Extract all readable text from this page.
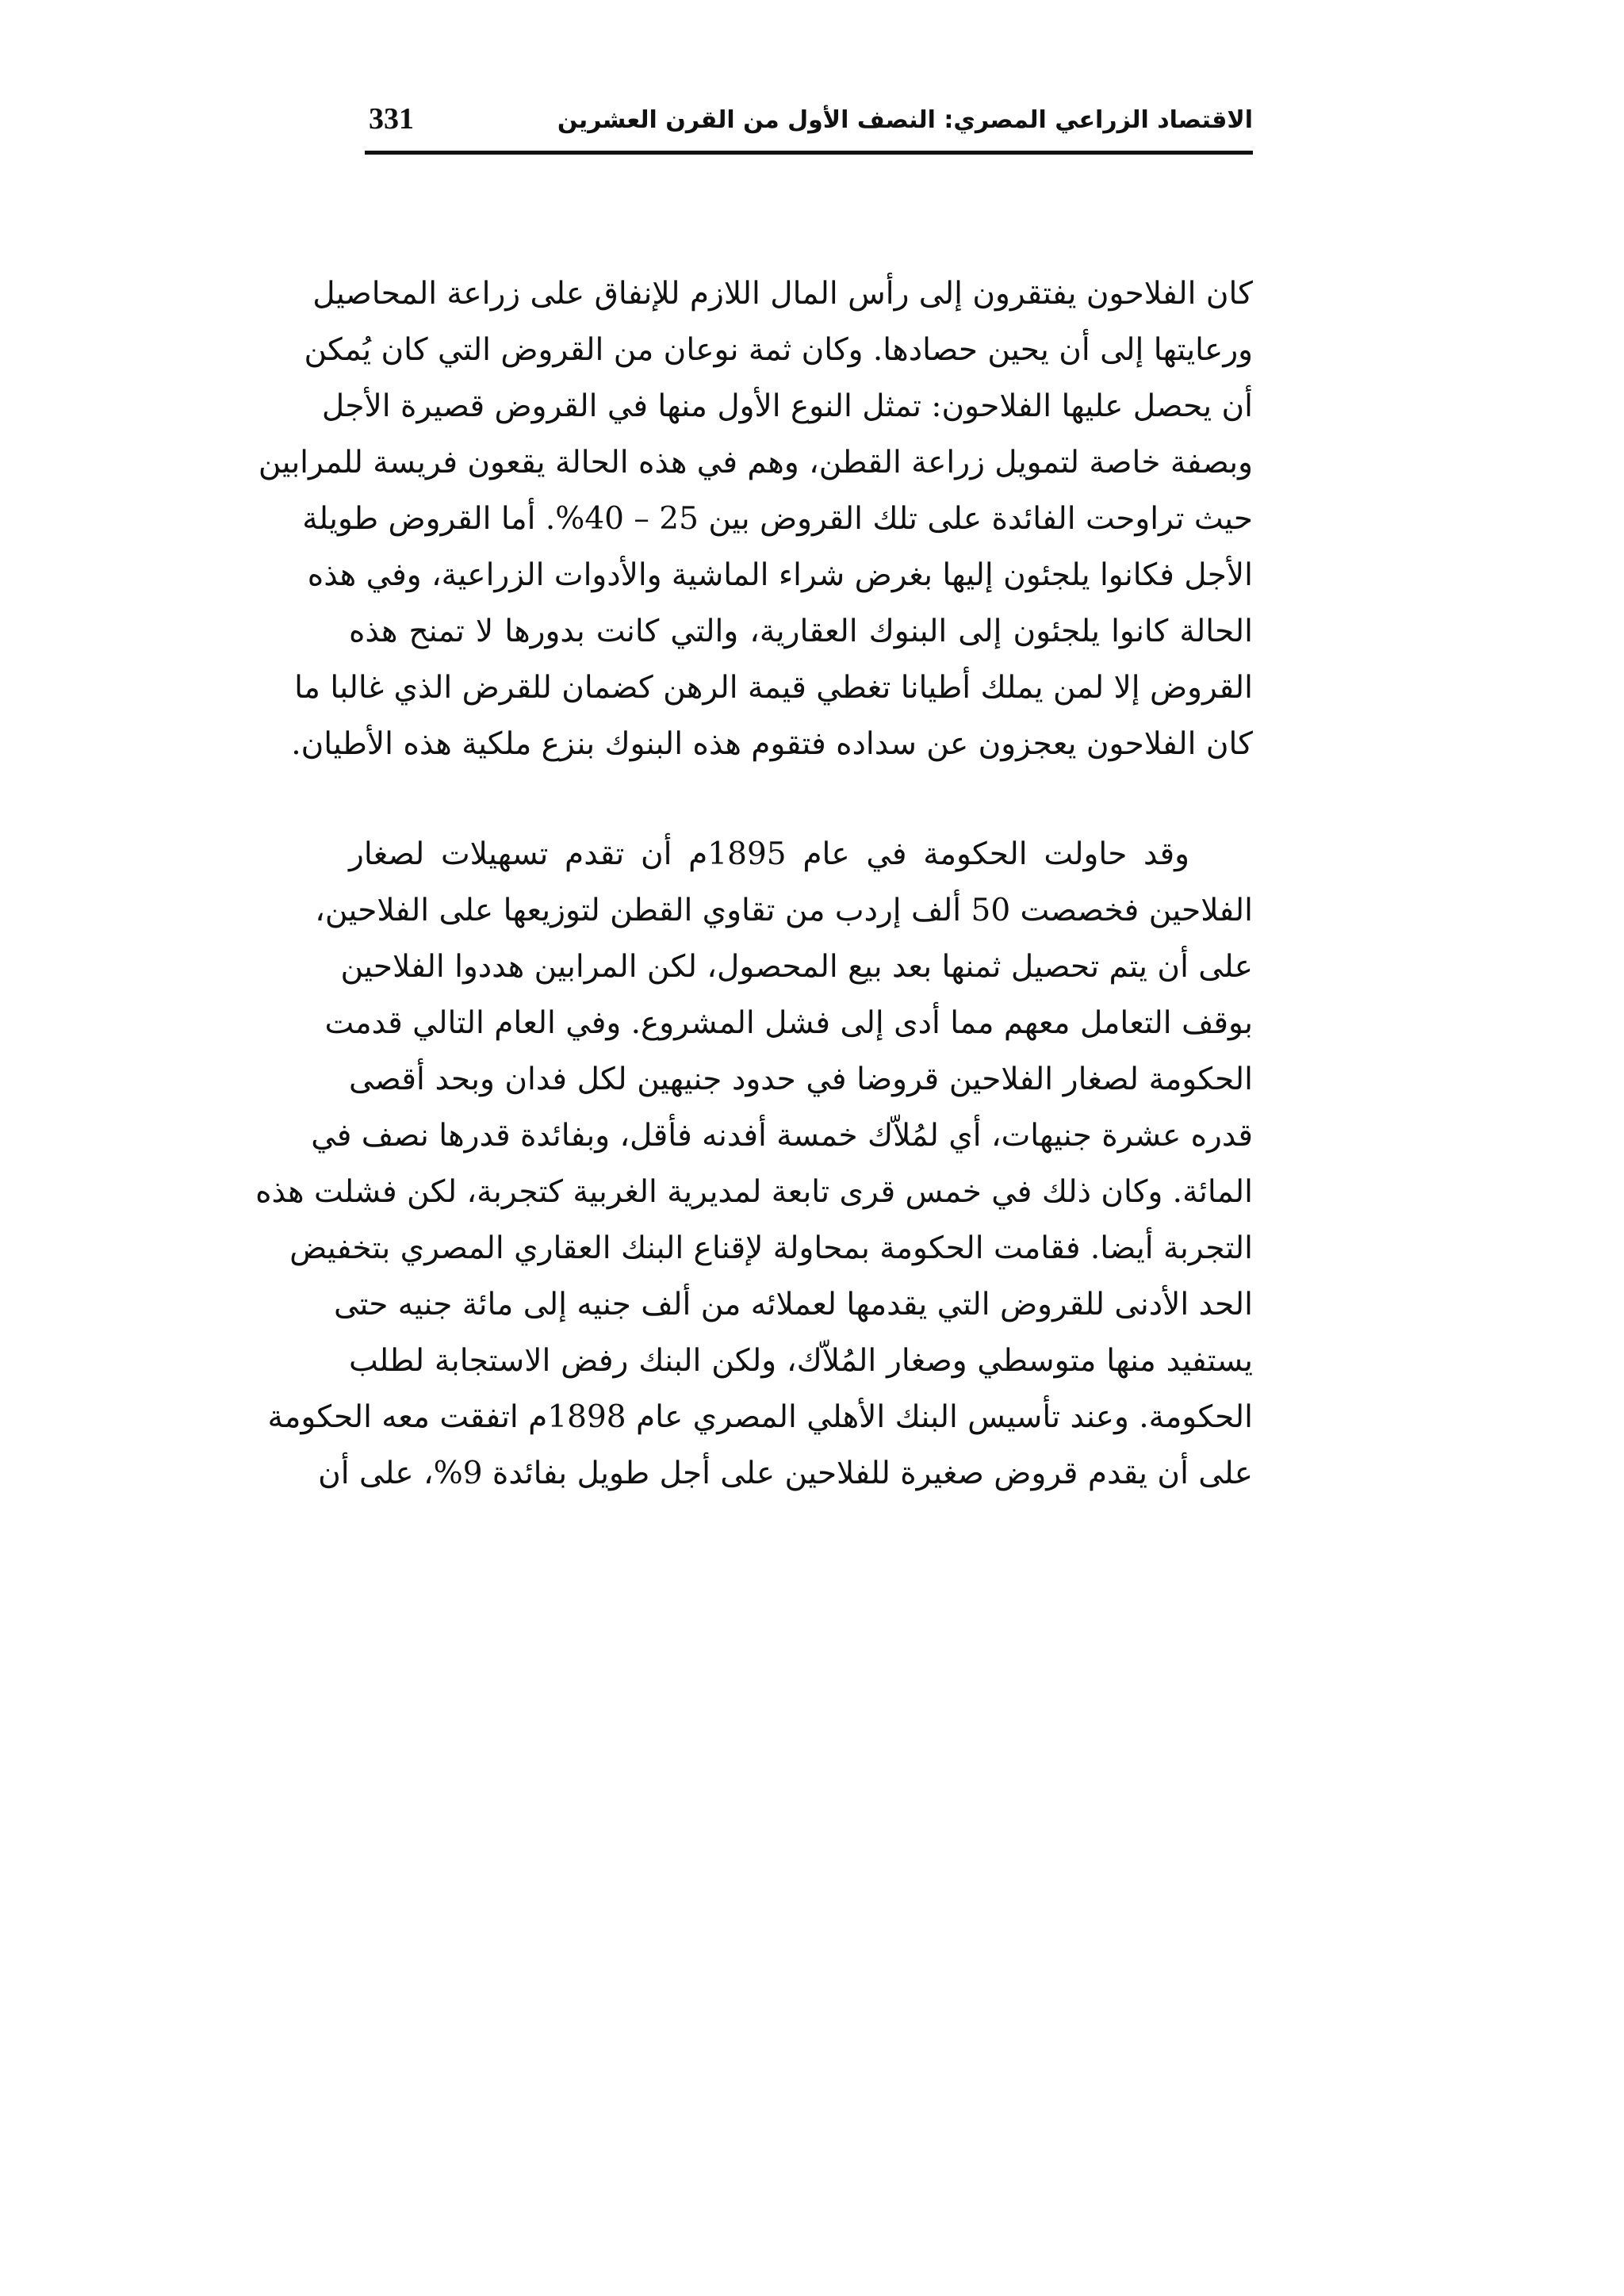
الاقتصاد الزراعي المصري: النصف الأول من القرن العشرين
331

كان الفلاحون يفتقرون إلى رأس المال اللازم للإنفاق على زراعة المحاصيل
ورعايتها إلى أن يحين حصادها. وكان ثمة نوعان من القروض التي كان يُمكن
أن يحصل عليها الفلاحون: تمثل النوع الأول منها في القروض قصيرة الأجل
وبصفة خاصة لتمويل زراعة القطن، وهم في هذه الحالة يقعون فريسة للمرابين
حيث تراوحت الفائدة على تلك القروض بين 25 – 40%. أما القروض طويلة
الأجل فكانوا يلجئون إليها بغرض شراء الماشية والأدوات الزراعية، وفي هذه
الحالة كانوا يلجئون إلى البنوك العقارية، والتي كانت بدورها لا تمنح هذه
القروض إلا لمن يملك أطيانا تغطي قيمة الرهن كضمان للقرض الذي غالبا ما
كان الفلاحون يعجزون عن سداده فتقوم هذه البنوك بنزع ملكية هذه الأطيان.

وقد حاولت الحكومة في عام 1895م أن تقدم تسهيلات لصغار
الفلاحين فخصصت 50 ألف إردب من تقاوي القطن لتوزيعها على الفلاحين،
على أن يتم تحصيل ثمنها بعد بيع المحصول، لكن المرابين هددوا الفلاحين
بوقف التعامل معهم مما أدى إلى فشل المشروع. وفي العام التالي قدمت
الحكومة لصغار الفلاحين قروضا في حدود جنيهين لكل فدان وبحد أقصى
قدره عشرة جنيهات، أي لمُلاّك خمسة أفدنه فأقل، وبفائدة قدرها نصف في
المائة. وكان ذلك في خمس قرى تابعة لمديرية الغربية كتجربة، لكن فشلت هذه
التجربة أيضا. فقامت الحكومة بمحاولة لإقناع البنك العقاري المصري بتخفيض
الحد الأدنى للقروض التي يقدمها لعملائه من ألف جنيه إلى مائة جنيه حتى
يستفيد منها متوسطي وصغار المُلاّك، ولكن البنك رفض الاستجابة لطلب
الحكومة. وعند تأسيس البنك الأهلي المصري عام 1898م اتفقت معه الحكومة
على أن يقدم قروض صغيرة للفلاحين على أجل طويل بفائدة 9%، على أن
